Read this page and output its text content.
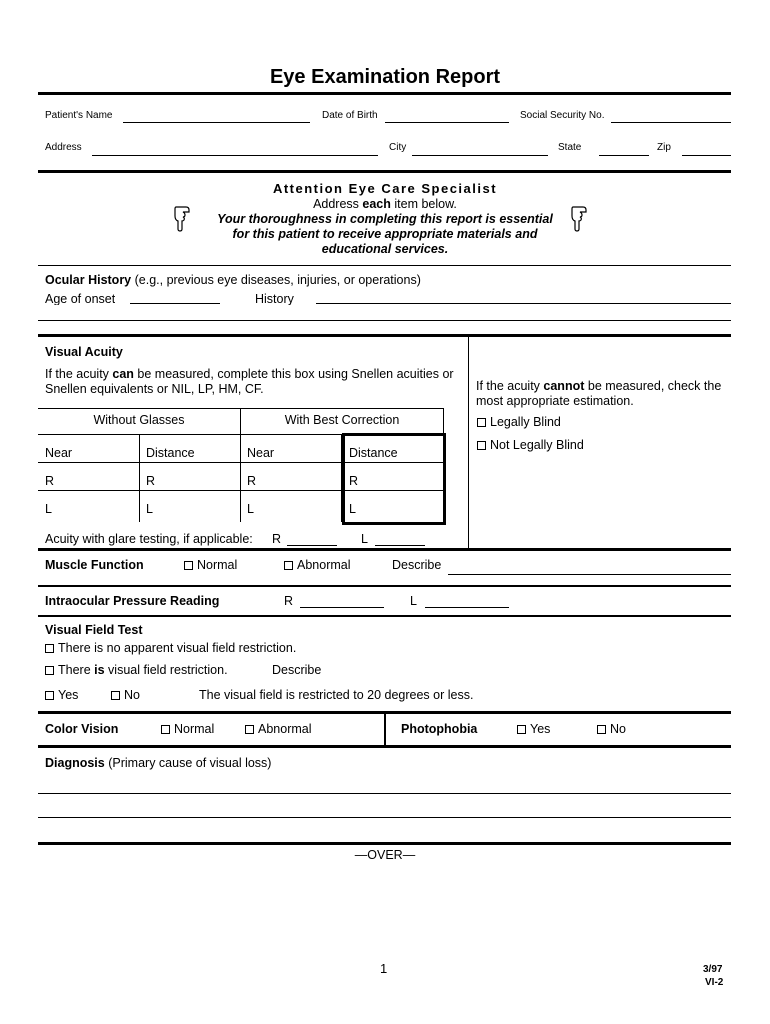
Eye Examination Report
Patient's Name	Date of Birth	Social Security No.
Address	City	State	Zip
Attention Eye Care Specialist
Address each item below.
Your thoroughness in completing this report is essential
for this patient to receive appropriate materials and
educational services.
Ocular History (e.g., previous eye diseases, injuries, or operations)
Age of onset	History
Visual Acuity
If the acuity can be measured, complete this box using Snellen acuities or
Snellen equivalents or NIL, LP, HM, CF.
Without Glasses	With Best Correction
Near	Distance	Near	Distance
R	R	R	R
L	L	L	L
Acuity with glare testing, if applicable: R	L
If the acuity cannot be measured, check the
most appropriate estimation.
Legally Blind
Not Legally Blind
Muscle Function	Normal	Abnormal	Describe
Intraocular Pressure Reading	R	L
Visual Field Test
There is no apparent visual field restriction.
There is visual field restriction.	Describe
Yes	No	The visual field is restricted to 20 degrees or less.
Color Vision	Normal	Abnormal	Photophobia	Yes	No
Diagnosis (Primary cause of visual loss)
—OVER—
1	3/97
VI-2
